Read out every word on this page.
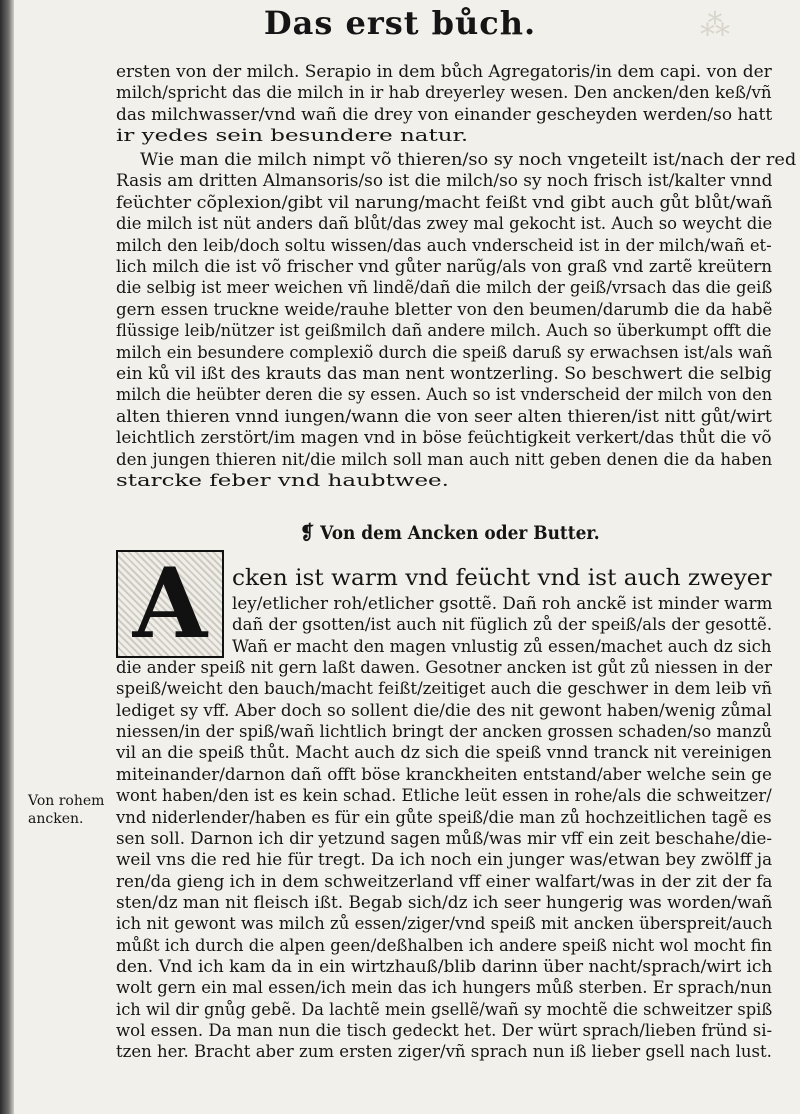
⁂
Das erst bůch.
ersten von der milch. Serapio in dem bůch Agregatoris/in dem capi. von der
milch/spricht das die milch in ir hab dreyerley wesen. Den ancken/den keß/vñ
das milchwasser/vnd wañ die drey von einander gescheyden werden/so hatt
ir yedes sein besundere natur.
Wie man die milch nimpt võ thieren/so sy noch vngeteilt ist/nach der red
Rasis am dritten Almansoris/so ist die milch/so sy noch frisch ist/kalter vnnd
feüchter cõplexion/gibt vil narung/macht feißt vnd gibt auch gůt blůt/wañ
die milch ist nüt anders dañ blůt/das zwey mal gekocht ist. Auch so weycht die
milch den leib/doch soltu wissen/das auch vnderscheid ist in der milch/wañ et-
lich milch die ist võ frischer vnd gůter narũg/als von graß vnd zartẽ kreütern
die selbig ist meer weichen vñ lindẽ/dañ die milch der geiß/vrsach das die geiß
gern essen truckne weide/rauhe bletter von den beumen/darumb die da habẽ
flüssige leib/nützer ist geißmilch dañ andere milch. Auch so überkumpt offt die
milch ein besundere complexiõ durch die speiß daruß sy erwachsen ist/als wañ
ein ků vil ißt des krauts das man nent wontzerling. So beschwert die selbig
milch die heübter deren die sy essen. Auch so ist vnderscheid der milch von den
alten thieren vnnd iungen/wann die von seer alten thieren/ist nitt gůt/wirt
leichtlich zerstört/im magen vnd in böse feüchtigkeit verkert/das thůt die võ
den jungen thieren nit/die milch soll man auch nitt geben denen die da haben
starcke feber vnd haubtwee.
cken ist warm vnd feücht vnd ist auch zweyer
ley/etlicher roh/etlicher gsottẽ. Dañ roh anckẽ ist minder warm
dañ der gsotten/ist auch nit füglich zů der speiß/als der gesottẽ.
Wañ er macht den magen vnlustig zů essen/machet auch dz sich
die ander speiß nit gern laßt dawen. Gesotner ancken ist gůt zů niessen in der
speiß/weicht den bauch/macht feißt/zeitiget auch die geschwer in dem leib vñ
lediget sy vff. Aber doch so sollent die/die des nit gewont haben/wenig zůmal
niessen/in der spiß/wañ lichtlich bringt der ancken grossen schaden/so manzů
vil an die speiß thůt. Macht auch dz sich die speiß vnnd tranck nit vereinigen
miteinander/darnon dañ offt böse kranckheiten entstand/aber welche sein ge
wont haben/den ist es kein schad. Etliche leüt essen in rohe/als die schweitzer/
vnd niderlender/haben es für ein gůte speiß/die man zů hochzeitlichen tagẽ es
sen soll. Darnon ich dir yetzund sagen můß/was mir vff ein zeit beschahe/die-
weil vns die red hie für tregt. Da ich noch ein junger was/etwan bey zwölff ja
ren/da gieng ich in dem schweitzerland vff einer walfart/was in der zit der fa
sten/dz man nit fleisch ißt. Begab sich/dz ich seer hungerig was worden/wañ
ich nit gewont was milch zů essen/ziger/vnd speiß mit ancken überspreit/auch
můßt ich durch die alpen geen/deßhalben ich andere speiß nicht wol mocht fin
den. Vnd ich kam da in ein wirtzhauß/blib darinn über nacht/sprach/wirt ich
wolt gern ein mal essen/ich mein das ich hungers můß sterben. Er sprach/nun
ich wil dir gnůg gebẽ. Da lachtẽ mein gsellẽ/wañ sy mochtẽ die schweitzer spiß
wol essen. Da man nun die tisch gedeckt het. Der würt sprach/lieben fründ si-
tzen her. Bracht aber zum ersten ziger/vñ sprach nun iß lieber gsell nach lust.
❡ Von dem Ancken oder Butter.
A
Von rohem
ancken.
